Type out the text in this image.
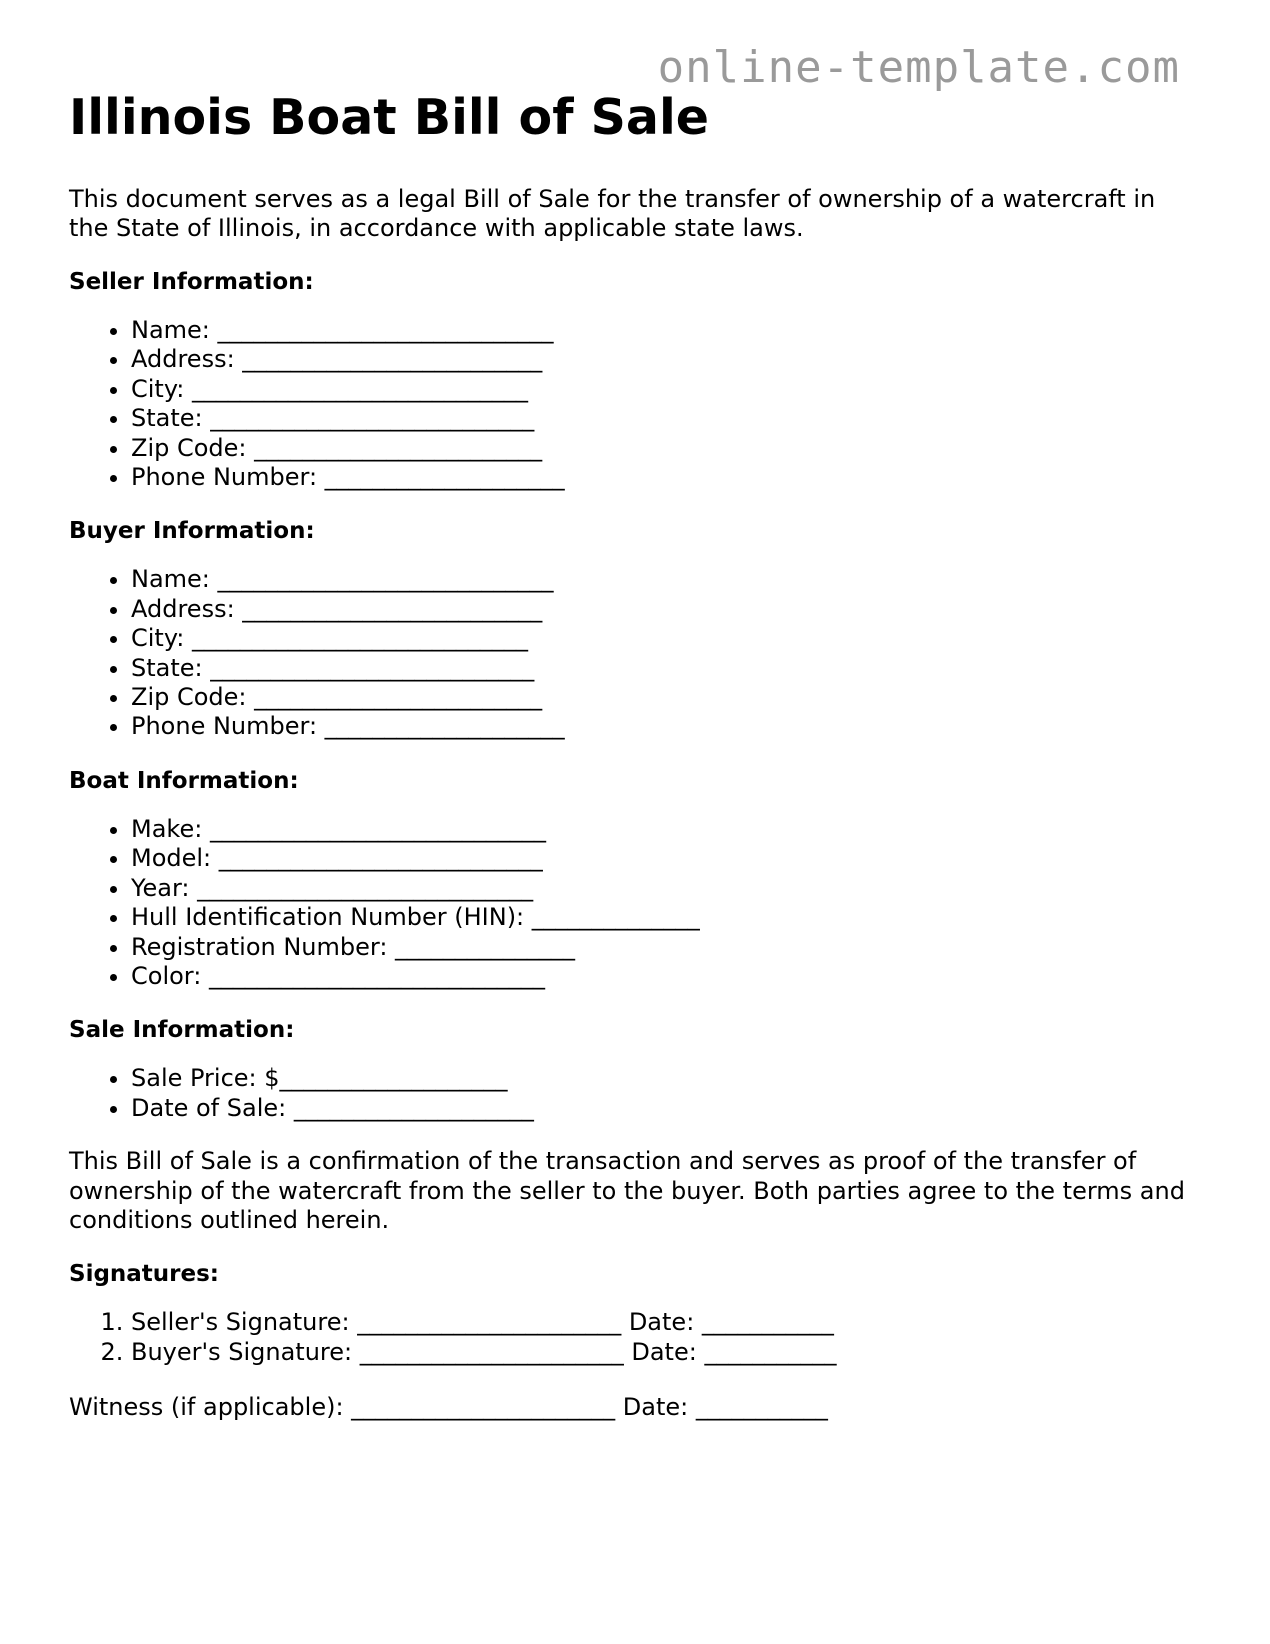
online-template.com
Illinois Boat Bill of Sale

This document serves as a legal Bill of Sale for the transfer of ownership of a watercraft in the State of Illinois, in accordance with applicable state laws.

Seller Information:
• Name: ____________________________
• Address: _________________________
• City: ____________________________
• State: ___________________________
• Zip Code: ________________________
• Phone Number: ____________________
Buyer Information:
• Name: ____________________________
• Address: _________________________
• City: ____________________________
• State: ___________________________
• Zip Code: ________________________
• Phone Number: ____________________
Boat Information:
• Make: ____________________________
• Model: ___________________________
• Year: ____________________________
• Hull Identification Number (HIN): ______________
• Registration Number: _______________
• Color: ____________________________
Sale Information:
• Sale Price: $___________________
• Date of Sale: ____________________

This Bill of Sale is a confirmation of the transaction and serves as proof of the transfer of ownership of the watercraft from the seller to the buyer. Both parties agree to the terms and conditions outlined herein.

Signatures:
1. Seller's Signature: ______________________ Date: ___________
2. Buyer's Signature: ______________________ Date: ___________

Witness (if applicable): ______________________ Date: ___________
